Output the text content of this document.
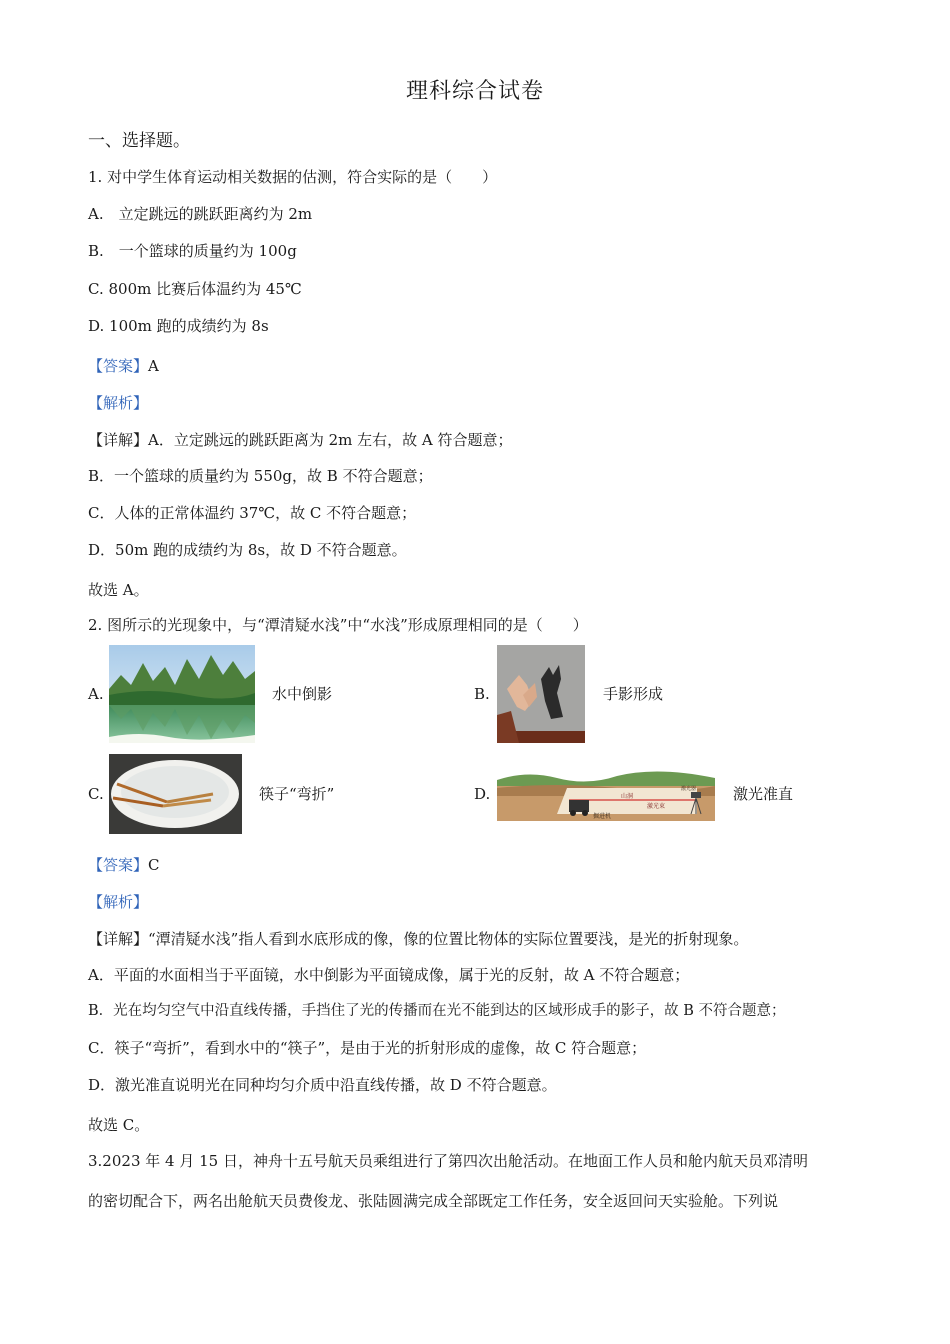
理科综合试卷
一、选择题。
1. 对中学生体育运动相关数据的估测，符合实际的是（　　）
A.　立定跳远的跳跃距离约为 2m
B.　一个篮球的质量约为 100g
C. 800m 比赛后体温约为 45℃
D. 100m 跑的成绩约为 8s
【答案】A
【解析】
【详解】A．立定跳远的跳跃距离为 2m 左右，故 A 符合题意；
B．一个篮球的质量约为 550g，故 B 不符合题意；
C．人体的正常体温约 37℃，故 C 不符合题意；
D．50m 跑的成绩约为 8s，故 D 不符合题意。
故选 A。
2. 图所示的光现象中，与“潭清疑水浅”中“水浅”形成原理相同的是（　　）
A.	水中倒影	B.	手影形成
C.	筷子“弯折”	D.	山洞
激光束
掘进机
激光器 激光准直
【答案】C
【解析】
【详解】“潭清疑水浅”指人看到水底形成的像，像的位置比物体的实际位置要浅，是光的折射现象。
A．平面的水面相当于平面镜，水中倒影为平面镜成像，属于光的反射，故 A 不符合题意；
B．光在均匀空气中沿直线传播，手挡住了光的传播而在光不能到达的区域形成手的影子，故 B 不符合题意；
C．筷子“弯折”，看到水中的“筷子”，是由于光的折射形成的虚像，故 C 符合题意；
D．激光准直说明光在同种均匀介质中沿直线传播，故 D 不符合题意。
故选 C。
3.2023 年 4 月 15 日，神舟十五号航天员乘组进行了第四次出舱活动。在地面工作人员和舱内航天员邓清明
的密切配合下，两名出舱航天员费俊龙、张陆圆满完成全部既定工作任务，安全返回问天实验舱。下列说
